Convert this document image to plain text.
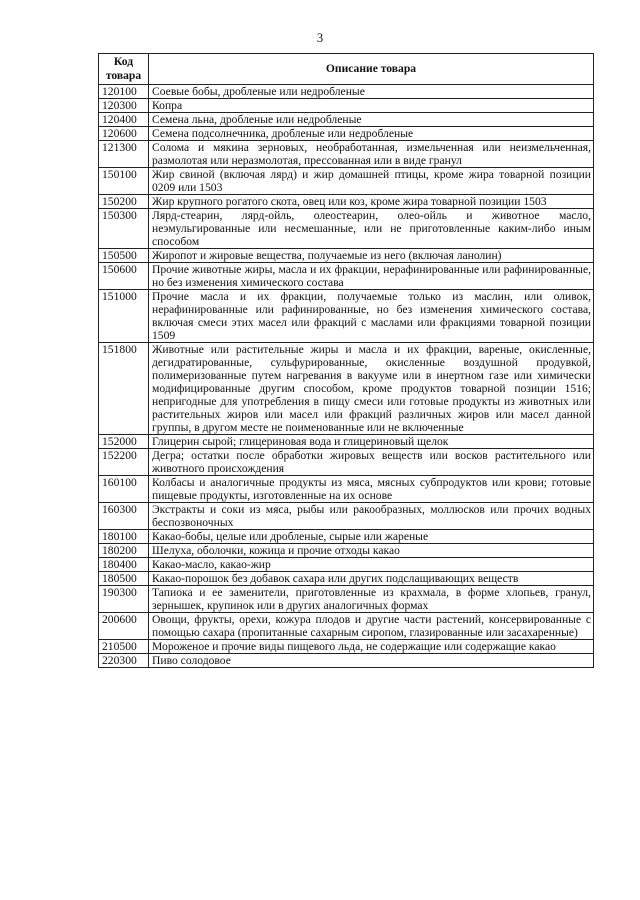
3
Код товара	Описание товара
120100	Соевые бобы, дробленые или недробленые
120300	Копра
120400	Семена льна, дробленые или недробленые
120600	Семена подсолнечника, дробленые или недробленые
121300	Солома и мякина зерновых, необработанная, измельченная или неизмельченная, размолотая или неразмолотая, прессованная или в виде гранул
150100	Жир свиной (включая лярд) и жир домашней птицы, кроме жира товарной позиции 0209 или 1503
150200	Жир крупного рогатого скота, овец или коз, кроме жира товарной позиции 1503
150300	Лярд-стеарин, лярд-ойль, олеостеарин, олео-ойль и животное масло, неэмульгированные или несмешанные, или не приготовленные каким-либо иным способом
150500	Жиропот и жировые вещества, получаемые из него (включая ланолин)
150600	Прочие животные жиры, масла и их фракции, нерафинированные или рафинированные, но без изменения химического состава
151000	Прочие масла и их фракции, получаемые только из маслин, или оливок, нерафинированные или рафинированные, но без изменения химического состава, включая смеси этих масел или фракций с маслами или фракциями товарной позиции 1509
151800	Животные или растительные жиры и масла и их фракции, вареные, окисленные, дегидратированные, сульфурированные, окисленные воздушной продувкой, полимеризованные путем нагревания в вакууме или в инертном газе или химически модифицированные другим способом, кроме продуктов товарной позиции 1516; непригодные для употребления в пищу смеси или готовые продукты из животных или растительных жиров или масел или фракций различных жиров или масел данной группы, в другом месте не поименованные или не включенные
152000	Глицерин сырой; глицериновая вода и глицериновый щелок
152200	Дегра; остатки после обработки жировых веществ или восков растительного или животного происхождения
160100	Колбасы и аналогичные продукты из мяса, мясных субпродуктов или крови; готовые пищевые продукты, изготовленные на их основе
160300	Экстракты и соки из мяса, рыбы или ракообразных, моллюсков или прочих водных беспозвоночных
180100	Какао-бобы, целые или дробленые, сырые или жареные
180200	Шелуха, оболочки, кожица и прочие отходы какао
180400	Какао-масло, какао-жир
180500	Какао-порошок без добавок сахара или других подслащивающих веществ
190300	Тапиока и ее заменители, приготовленные из крахмала, в форме хлопьев, гранул, зернышек, крупинок или в других аналогичных формах
200600	Овощи, фрукты, орехи, кожура плодов и другие части растений, консервированные с помощью сахара (пропитанные сахарным сиропом, глазированные или засахаренные)
210500	Мороженое и прочие виды пищевого льда, не содержащие или содержащие какао
220300	Пиво солодовое
